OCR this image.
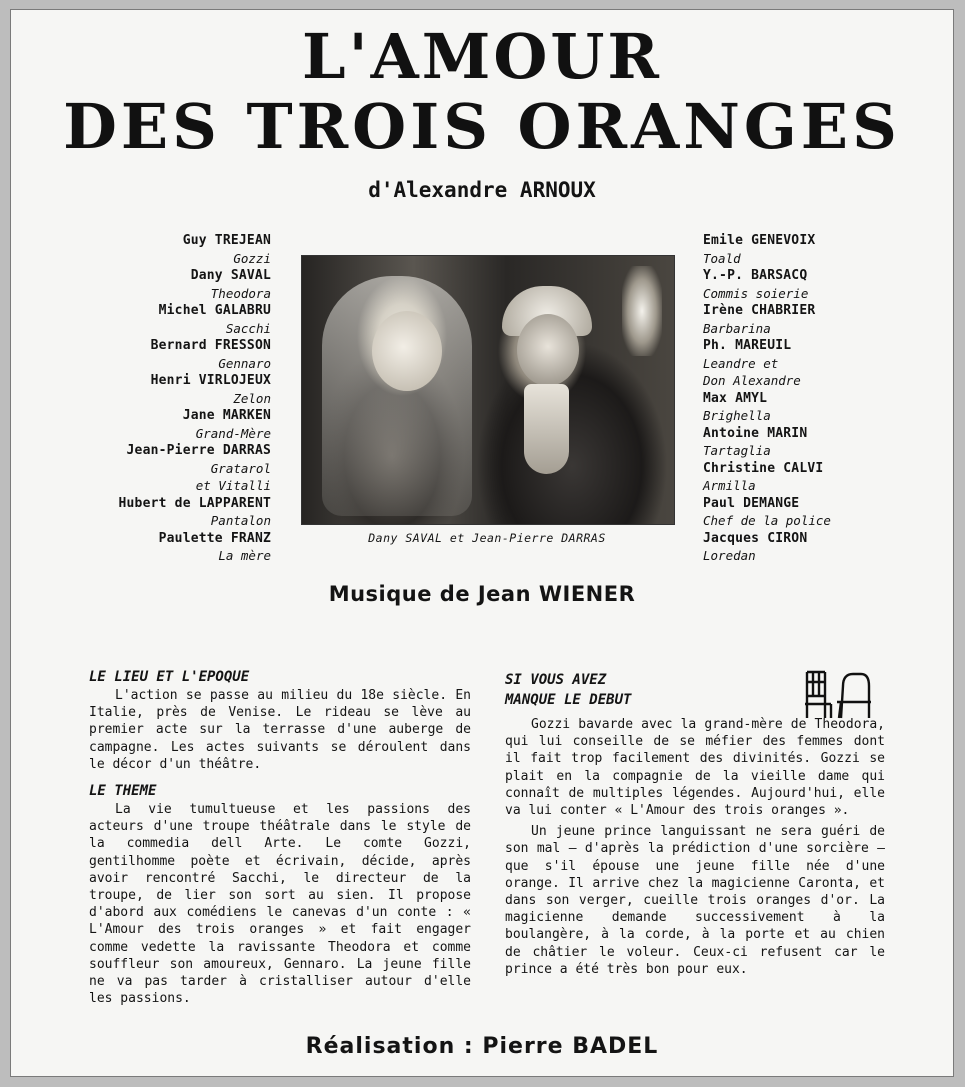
L'AMOUR
DES TROIS ORANGES
d'Alexandre ARNOUX
Guy TREJEAN
Gozzi
Dany SAVAL
Theodora
Michel GALABRU
Sacchi
Bernard FRESSON
Gennaro
Henri VIRLOJEUX
Zelon
Jane MARKEN
Grand-Mère
Jean-Pierre DARRAS
Gratarol
et Vitalli
Hubert de LAPPARENT
Pantalon
Paulette FRANZ
La mère
Dany SAVAL et Jean-Pierre DARRAS
Emile GENEVOIX
Toald
Y.-P. BARSACQ
Commis soierie
Irène CHABRIER
Barbarina
Ph. MAREUIL
Leandre et
Don Alexandre
Max AMYL
Brighella
Antoine MARIN
Tartaglia
Christine CALVI
Armilla
Paul DEMANGE
Chef de la police
Jacques CIRON
Loredan
Musique de Jean WIENER
LE LIEU ET L'EPOQUE

L'action se passe au milieu du 18e siècle. En Italie, près de Venise. Le rideau se lève au premier acte sur la terrasse d'une auberge de campagne. Les actes suivants se déroulent dans le décor d'un théâtre.

LE THEME

La vie tumultueuse et les passions des acteurs d'une troupe théâtrale dans le style de la commedia dell Arte. Le comte Gozzi, gentilhomme poète et écrivain, décide, après avoir rencontré Sacchi, le directeur de la troupe, de lier son sort au sien. Il propose d'abord aux comédiens le canevas d'un conte : « L'Amour des trois oranges » et fait engager comme vedette la ravissante Theodora et comme souffleur son amoureux, Gennaro. La jeune fille ne va pas tarder à cristalliser autour d'elle les passions.

SI VOUS AVEZ
MANQUE LE DEBUT

Gozzi bavarde avec la grand-mère de Theodora, qui lui conseille de se méfier des femmes dont il fait trop facilement des divinités. Gozzi se plait en la compagnie de la vieille dame qui connaît de multiples légendes. Aujourd'hui, elle va lui conter « L'Amour des trois oranges ».

Un jeune prince languissant ne sera guéri de son mal — d'après la prédiction d'une sorcière — que s'il épouse une jeune fille née d'une orange. Il arrive chez la magicienne Caronta, et dans son verger, cueille trois oranges d'or. La magicienne demande successivement à la boulangère, à la corde, à la porte et au chien de châtier le voleur. Ceux-ci refusent car le prince a été très bon pour eux.

Réalisation : Pierre BADEL
